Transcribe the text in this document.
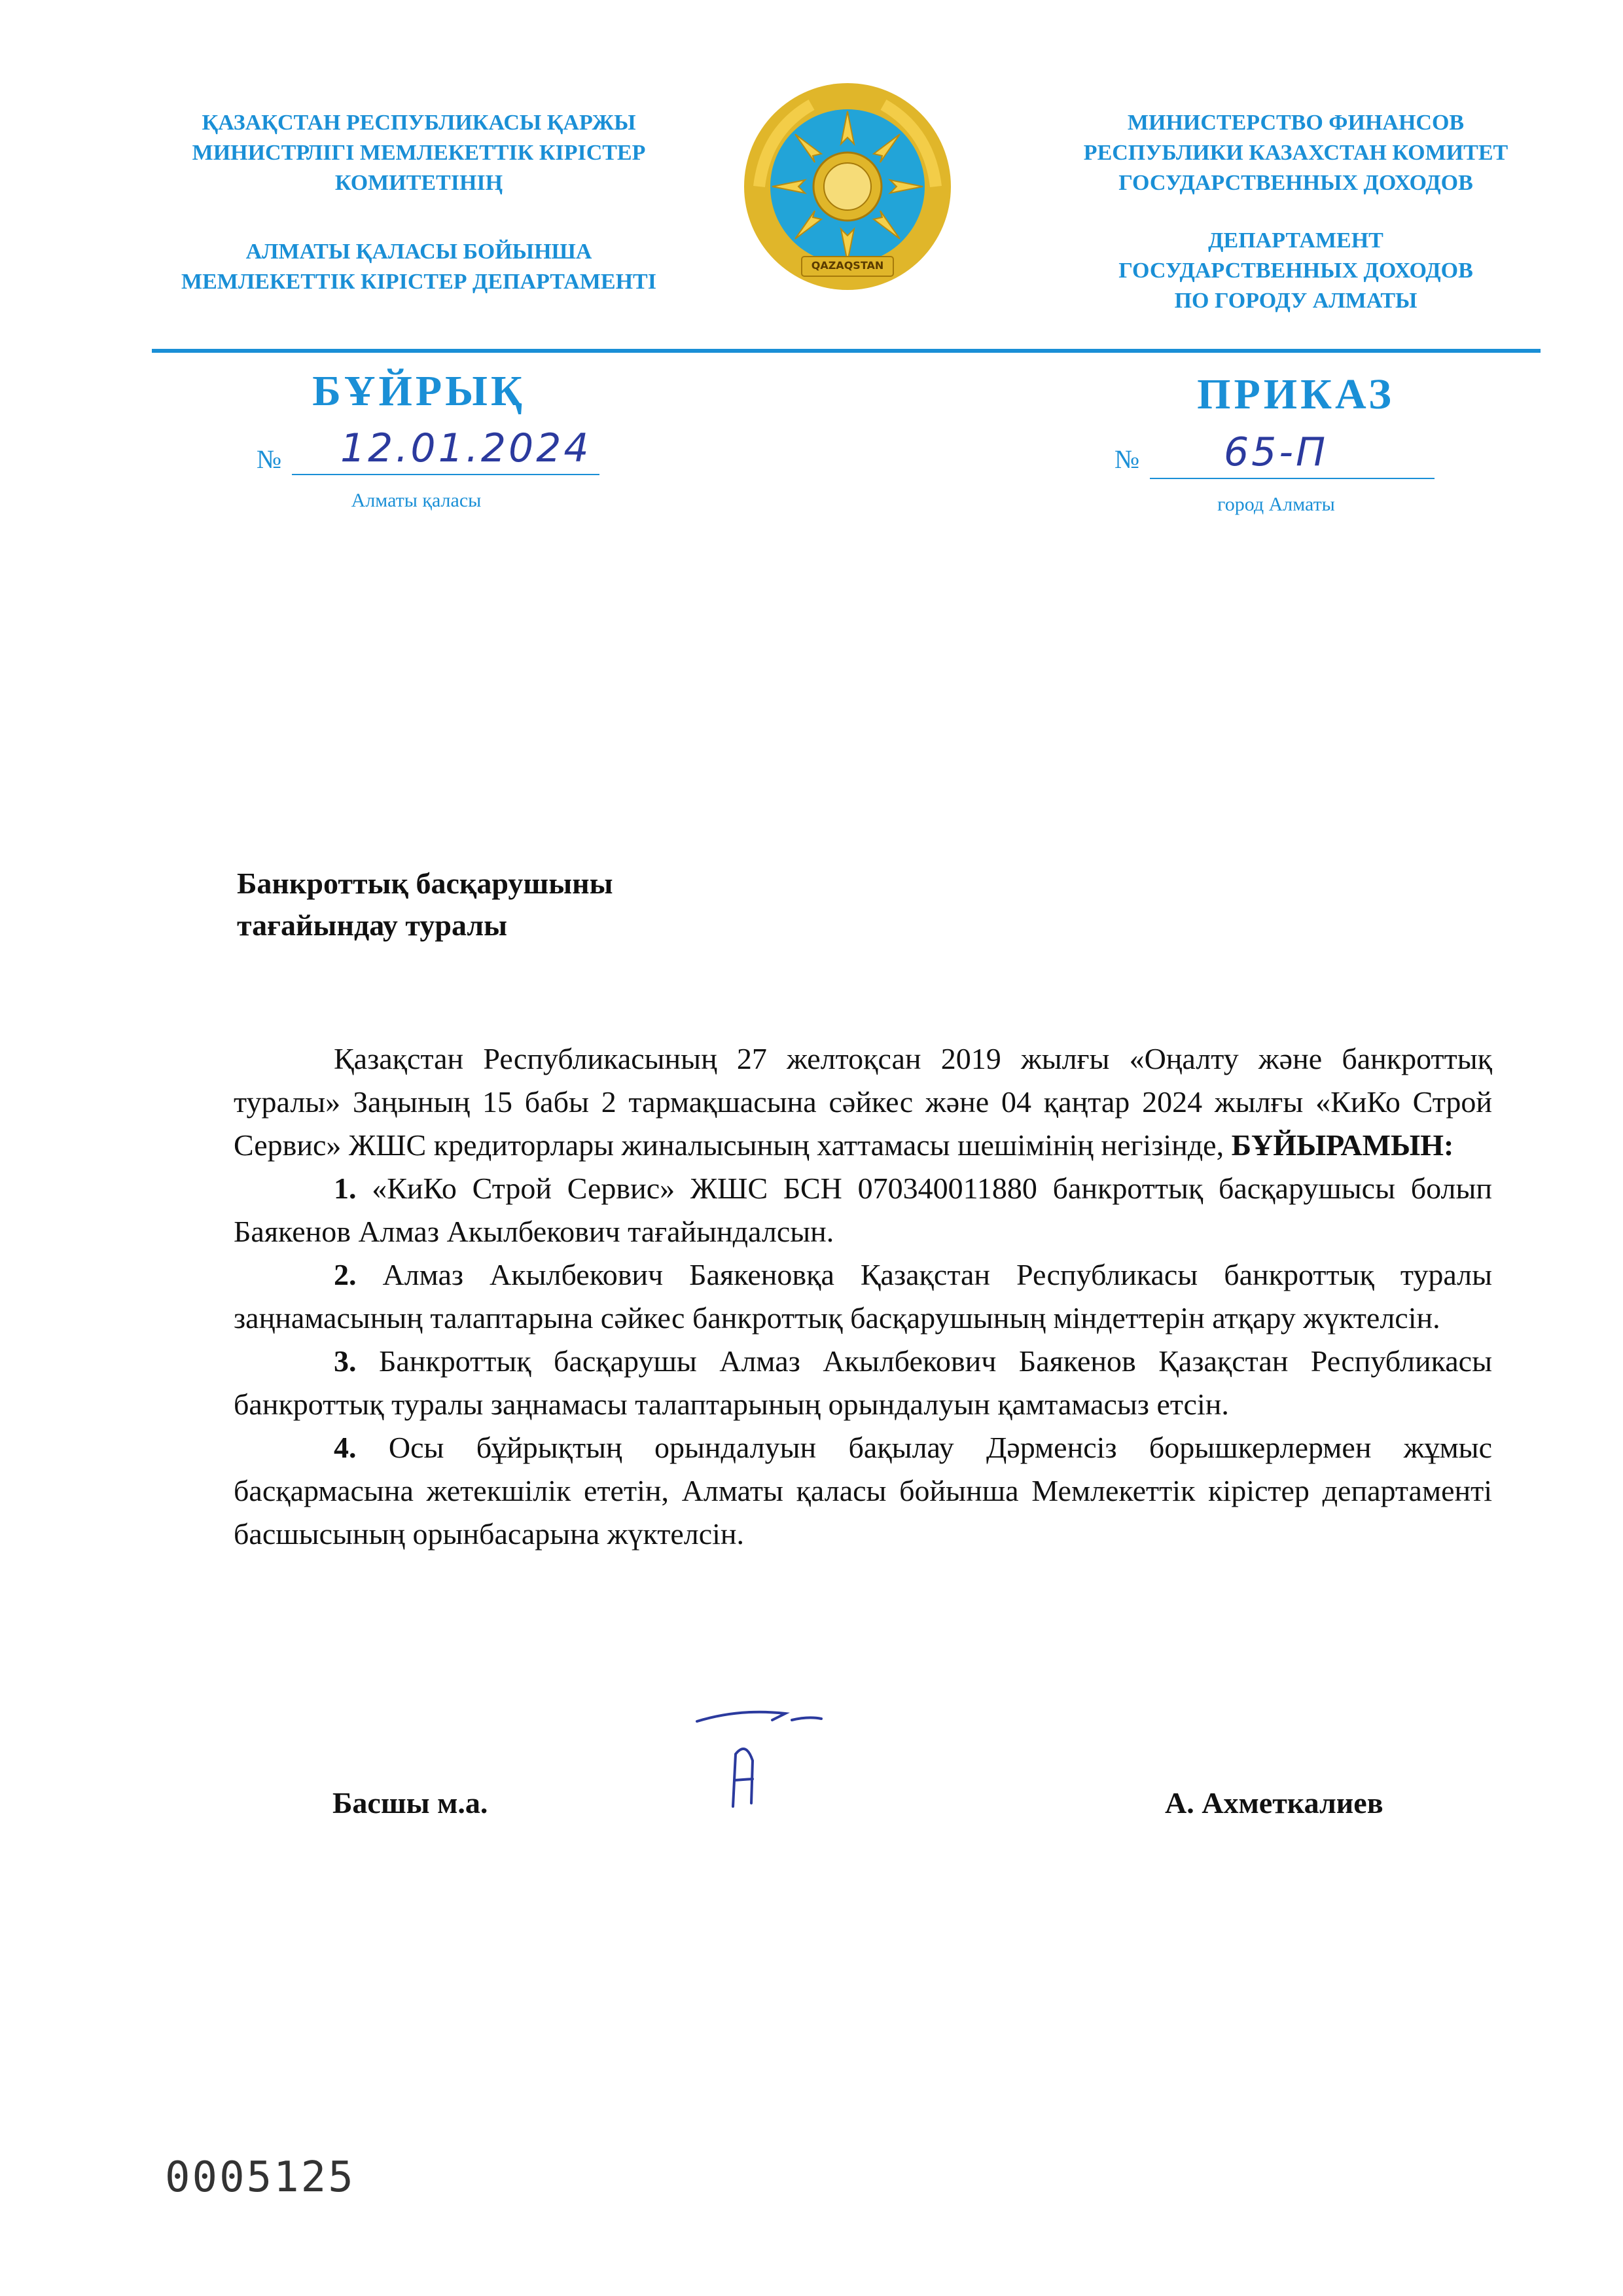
ҚАЗАҚСТАН РЕСПУБЛИКАСЫ ҚАРЖЫ
МИНИСТРЛІГІ МЕМЛЕКЕТТІК КІРІСТЕР
КОМИТЕТІНІҢ
АЛМАТЫ ҚАЛАСЫ БОЙЫНША
МЕМЛЕКЕТТІК КІРІСТЕР ДЕПАРТАМЕНТІ
QAZAQSTAN
МИНИСТЕРСТВО ФИНАНСОВ
РЕСПУБЛИКИ КАЗАХСТАН КОМИТЕТ
ГОСУДАРСТВЕННЫХ ДОХОДОВ
ДЕПАРТАМЕНТ
ГОСУДАРСТВЕННЫХ ДОХОДОВ
ПО ГОРОДУ АЛМАТЫ
БҰЙРЫҚ	ПРИКАЗ
№ 12.01.2024
Алматы қаласы
№ 65-П
город Алматы
Банкроттық басқарушыны
тағайындау туралы

Қазақстан Республикасының 27 желтоқсан 2019 жылғы «Оңалту және банкроттық туралы» Заңының 15 бабы 2 тармақшасына сәйкес және 04 қаңтар 2024 жылғы «КиКо Строй Сервис» ЖШС кредиторлары жиналысының хаттамасы шешімінің негізінде, БҰЙЫРАМЫН:

1. «КиКо Строй Сервис» ЖШС БСН 070340011880 банкроттық басқарушысы болып Баякенов Алмаз Акылбекович тағайындалсын.

2. Алмаз Акылбекович Баякеновқа Қазақстан Республикасы банкроттық туралы заңнамасының талаптарына сәйкес банкроттық басқарушының міндеттерін атқару жүктелсін.

3. Банкроттық басқарушы Алмаз Акылбекович Баякенов Қазақстан Республикасы банкроттық туралы заңнамасы талаптарының орындалуын қамтамасыз етсін.

4. Осы бұйрықтың орындалуын бақылау Дәрменсіз борышкерлермен жұмыс басқармасына жетекшілік ететін, Алматы қаласы бойынша Мемлекеттік кірістер департаменті басшысының орынбасарына жүктелсін.

Басшы м.а.	А. Ахметкалиев
0005125
